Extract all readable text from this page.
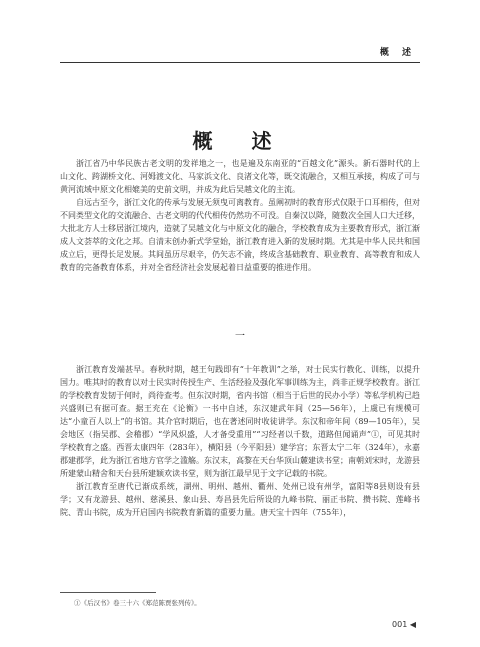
概 述
概 述

浙江省乃中华民族古老文明的发祥地之一，也是遍及东南亚的“百越文化”源头。新石器时代的上山文化、跨湖桥文化、河姆渡文化、马家浜文化、良渚文化等，既交流融合，又相互承接，构成了可与黄河流域中原文化相媲美的史前文明，并成为此后吴越文化的主流。

自远古至今，浙江文化的传承与发展无须曳可离教育。虽阐初时的教育形式仅限于口耳相传，但对不同类型文化的交流融合、古老文明的代代相传仍然功不可没。自秦汉以降，随数次全国人口大迁移，大批北方人士移居浙江境内，造就了吴越文化与中原文化的融合，学校教育成为主要教育形式，浙江渐成人文荟萃的文化之邦。自清末创办新式学堂始，浙江教育进入新的发展时期。尤其是中华人民共和国成立后，更得长足发展。其间虽历尽艰辛，仍矢志不渝，终成含基础教育、职业教育、高等教育和成人教育的完备教育体系，并对全省经济社会发展起着日益重要的推进作用。

一

浙江教育发端甚早。春秋时期，越王句践即有“十年教训”之举，对士民实行教化、训练，以提升国力。唯其时的教育以对士民实时传授生产、生活经验及强化军事训练为主，尚非正规学校教育。浙江的学校教育发韧于何时，尚待查考。但东汉时期，省内书馆（相当于后世的民办小学）等私学机构已趋兴盛则已有据可查。据王充在《论衡》一书中自述，东汉建武年间（25—56年），上虞已有规模可达“小童百人以上”的书馆。其介官时期后，也在著述同时收徒讲学。东汉和帝年间（89—105年），吴会地区（指吴郡、会稽郡）“学风炽盛，人才备受重用”“习经者以千数，道路但闻诵声”①，可见其时学校教育之盛。西晋太康四年（283年），横阳县（今平阳县）建学宫；东晋太宁二年（324年），永嘉郡建郡学，此为浙江省地方官学之滥觞。东汉末，高黎在天台华顶山麓建读书堂；南朝刘宋时，龙游县所建蒙山精舍和天台县所建颖欢读书堂，则为浙江最早见于文字记载的书院。

浙江教育至唐代已渐成系统，湖州、明州、越州、衢州、处州已设有州学，富阳等8县则设有县学；又有龙游县、越州、慈溪县、象山县、寿昌县先后所设的九峰书院、丽正书院、攒书院、莲峰书院、青山书院，成为开启国内书院教育新篇的重要力量。唐天宝十四年（755年），

①《后汉书》卷三十六《郑范陈贾张列传》。

001 ◀
